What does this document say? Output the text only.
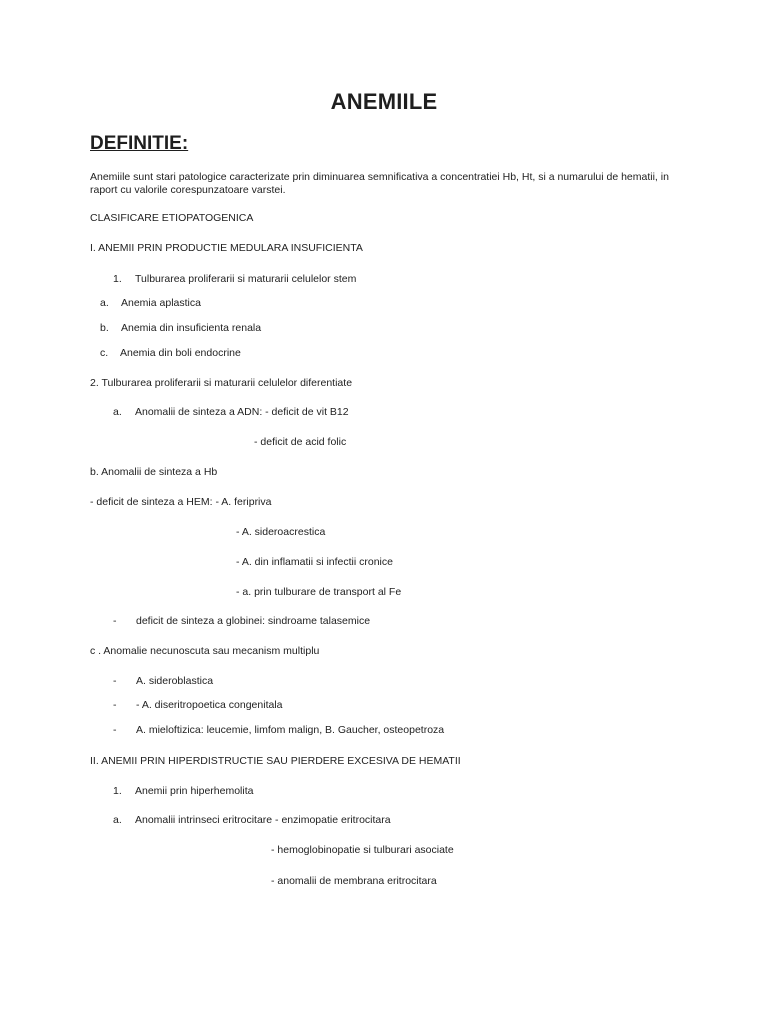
ANEMIILE
DEFINITIE:
Anemiile sunt stari patologice caracterizate prin diminuarea semnificativa a concentratiei Hb, Ht, si a numarului de hematii, in raport cu valorile corespunzatoare varstei.
CLASIFICARE ETIOPATOGENICA
I. ANEMII PRIN PRODUCTIE MEDULARA INSUFICIENTA
1. Tulburarea proliferarii si maturarii celulelor stem
a. Anemia aplastica
b. Anemia din insuficienta renala
c. Anemia din boli endocrine
2. Tulburarea proliferarii si maturarii celulelor diferentiate
a. Anomalii de sinteza a ADN: - deficit de vit B12
- deficit de acid folic
b. Anomalii de sinteza a Hb
- deficit de sinteza a HEM: - A. feripriva
- A. sideroacrestica
- A. din inflamatii si infectii cronice
- a. prin tulburare de transport al Fe
- deficit de sinteza a globinei: sindroame talasemice
c . Anomalie necunoscuta sau mecanism multiplu
- A. sideroblastica
- - A. diseritropoetica congenitala
- A. mieloftizica: leucemie, limfom malign, B. Gaucher, osteopetroza
II. ANEMII PRIN HIPERDISTRUCTIE SAU PIERDERE EXCESIVA DE HEMATII
1. Anemii prin hiperhemolita
a. Anomalii intrinseci eritrocitare - enzimopatie eritrocitara
- hemoglobinopatie si tulburari asociate
- anomalii de membrana eritrocitara
